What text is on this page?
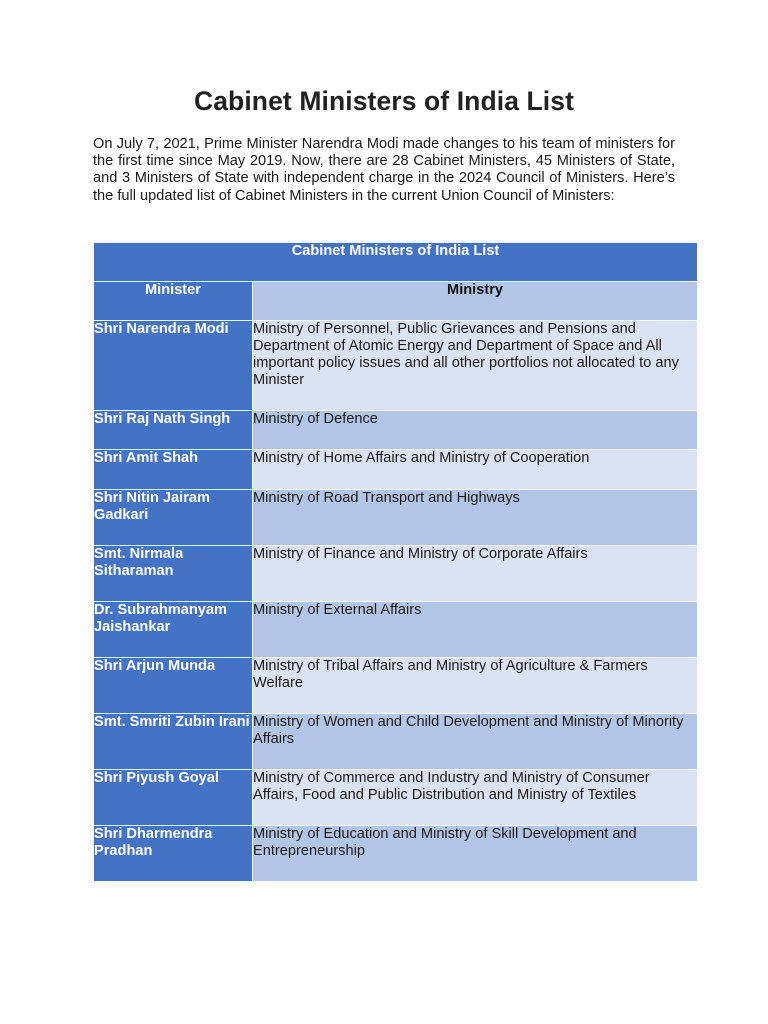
Cabinet Ministers of India List

On July 7, 2021, Prime Minister Narendra Modi made changes to his team of ministers for the first time since May 2019. Now, there are 28 Cabinet Ministers, 45 Ministers of State, and 3 Ministers of State with independent charge in the 2024 Council of Ministers. Here’s the full updated list of Cabinet Ministers in the current Union Council of Ministers:

Cabinet Ministers of India List	
Minister	Ministry
Shri Narendra Modi	Ministry of Personnel, Public Grievances and Pensions and Department of Atomic Energy and Department of Space and All important policy issues and all other portfolios not allocated to any Minister
Shri Raj Nath Singh	Ministry of Defence
Shri Amit Shah	Ministry of Home Affairs and Ministry of Cooperation
Shri Nitin Jairam Gadkari	Ministry of Road Transport and Highways
Smt. Nirmala Sitharaman	Ministry of Finance and Ministry of Corporate Affairs
Dr. Subrahmanyam Jaishankar	Ministry of External Affairs
Shri Arjun Munda	Ministry of Tribal Affairs and Ministry of Agriculture & Farmers Welfare
Smt. Smriti Zubin Irani	Ministry of Women and Child Development and Ministry of Minority Affairs
Shri Piyush Goyal	Ministry of Commerce and Industry and Ministry of Consumer Affairs, Food and Public Distribution and Ministry of Textiles
Shri Dharmendra Pradhan	Ministry of Education and Ministry of Skill Development and Entrepreneurship
